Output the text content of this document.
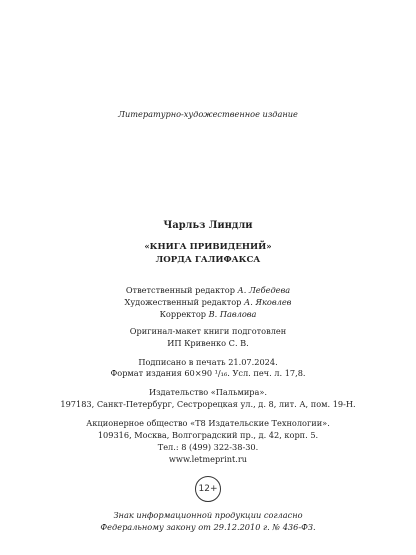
Литературно-художественное издание
Чарльз Линдли
«КНИГА ПРИВИДЕНИЙ»
ЛОРДА ГАЛИФАКСА
Ответственный редактор А. Лебедева
Художественный редактор А. Яковлев
Корректор В. Павлова
Оригинал-макет книги подготовлен
ИП Кривенко С. В.
Подписано в печать 21.07.2024.
Формат издания 60×90 ¹/₁₆. Усл. печ. л. 17,8.
Издательство «Пальмира».
197183, Санкт-Петербург, Сестрорецкая ул., д. 8, лит. А, пом. 19-Н.
Акционерное общество «Т8 Издательские Технологии».
109316, Москва, Волгоградский пр., д. 42, корп. 5.
Тел.: 8 (499) 322-38-30.
www.letmeprint.ru
12+
Знак информационной продукции согласно
Федеральному закону от 29.12.2010 г. № 436-ФЗ.
